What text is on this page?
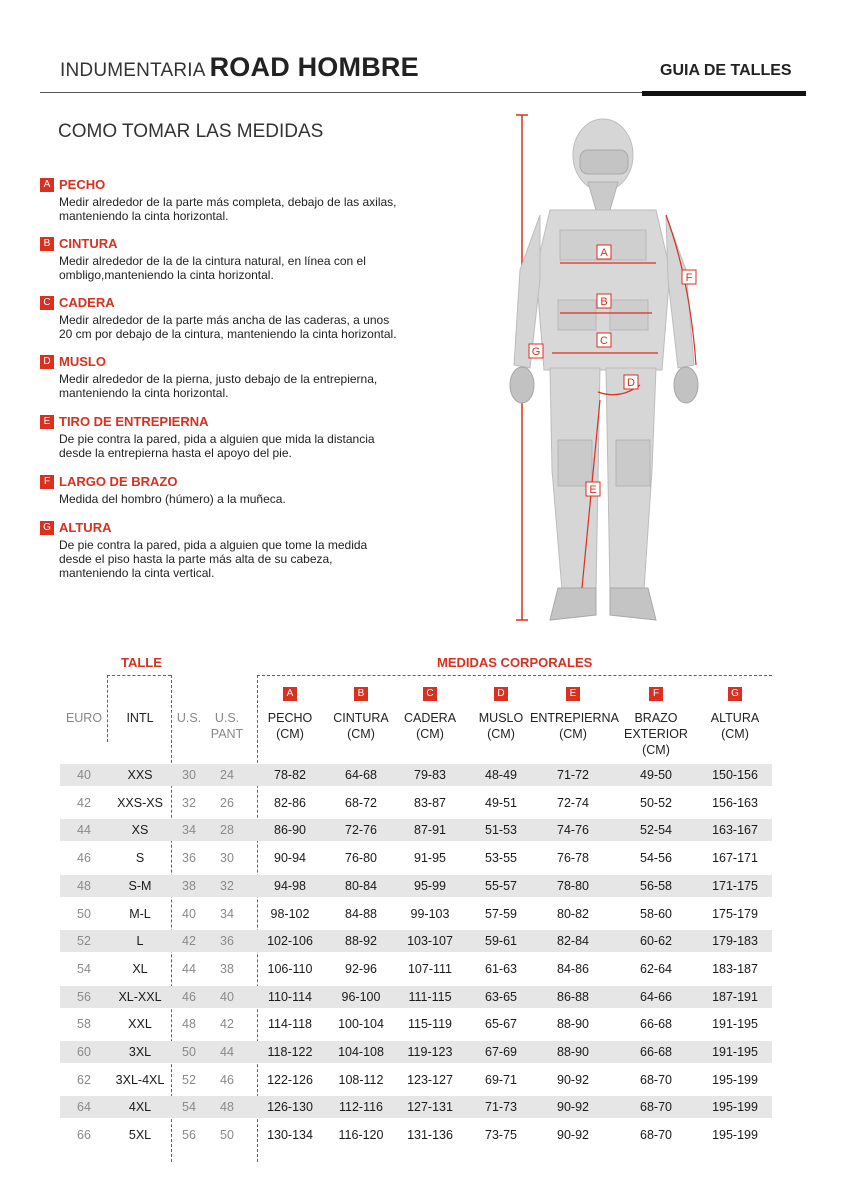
INDUMENTARIA ROAD HOMBRE	GUIA DE TALLES
COMO TOMAR LAS MEDIDAS
A PECHO
Medir alrededor de la parte más completa, debajo de las axilas,
manteniendo la cinta horizontal.
B CINTURA
Medir alrededor de la de la cintura natural, en línea con el
ombligo,manteniendo la cinta horizontal.
C CADERA
Medir alrededor de la parte más ancha de las caderas, a unos
20 cm por debajo de la cintura, manteniendo la cinta horizontal.
D MUSLO
Medir alrededor de la pierna, justo debajo de la entrepierna,
manteniendo la cinta horizontal.
E TIRO DE ENTREPIERNA
De pie contra la pared, pida a alguien que mida la distancia
desde la entrepierna hasta el apoyo del pie.
F LARGO DE BRAZO
Medida del hombro (húmero) a la muñeca.
G ALTURA
De pie contra la pared, pida a alguien que tome la medida
desde el piso hasta la parte más alta de su cabeza,
manteniendo la cinta vertical.
A
B
C
D
E
F
G
TALLE	MEDIDAS CORPORALES
EURO	INTL	U.S.	U.S.
PANT
A
PECHO
(CM)
B
CINTURA
(CM)
C
CADERA
(CM)
D
MUSLO
(CM)
E
ENTREPIERNA
(CM)
F
BRAZO
EXTERIOR
(CM)
G
ALTURA
(CM)
40	XXS	30	24	78-82	64-68	79-83	48-49	71-72	49-50	150-156
42	XXS-XS	32	26	82-86	68-72	83-87	49-51	72-74	50-52	156-163
44	XS	34	28	86-90	72-76	87-91	51-53	74-76	52-54	163-167
46	S	36	30	90-94	76-80	91-95	53-55	76-78	54-56	167-171
48	S-M	38	32	94-98	80-84	95-99	55-57	78-80	56-58	171-175
50	M-L	40	34	98-102	84-88	99-103	57-59	80-82	58-60	175-179
52	L	42	36	102-106	88-92	103-107	59-61	82-84	60-62	179-183
54	XL	44	38	106-110	92-96	107-111	61-63	84-86	62-64	183-187
56	XL-XXL	46	40	110-114	96-100	111-115	63-65	86-88	64-66	187-191
58	XXL	48	42	114-118	100-104	115-119	65-67	88-90	66-68	191-195
60	3XL	50	44	118-122	104-108	119-123	67-69	88-90	66-68	191-195
62	3XL-4XL	52	46	122-126	108-112	123-127	69-71	90-92	68-70	195-199
64	4XL	54	48	126-130	112-116	127-131	71-73	90-92	68-70	195-199
66	5XL	56	50	130-134	116-120	131-136	73-75	90-92	68-70	195-199
